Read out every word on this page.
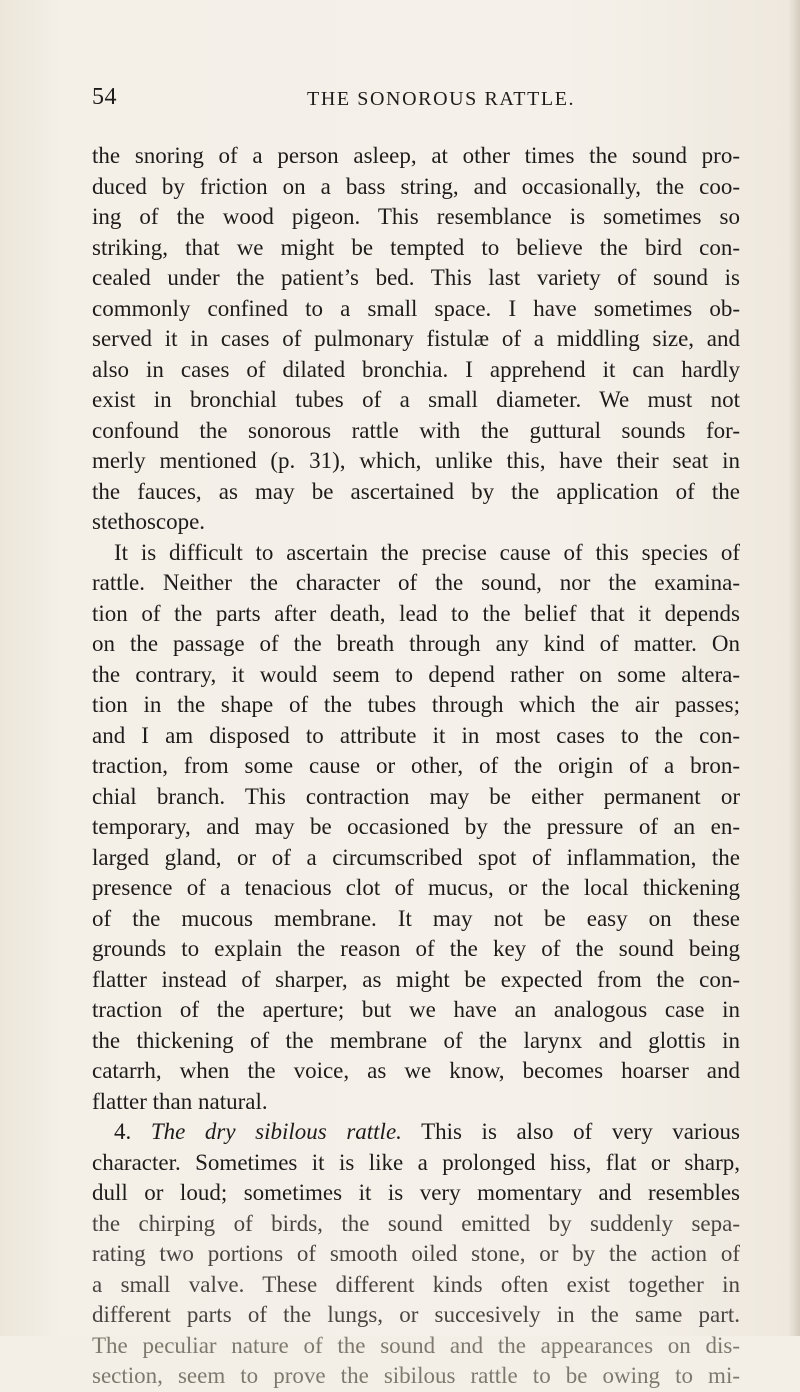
54	THE SONOROUS RATTLE.
the snoring of a person asleep, at other times the sound pro-
duced by friction on a bass string, and occasionally, the coo-
ing of the wood pigeon. This resemblance is sometimes so
striking, that we might be tempted to believe the bird con-
cealed under the patient’s bed. This last variety of sound is
commonly confined to a small space. I have sometimes ob-
served it in cases of pulmonary fistulæ of a middling size, and
also in cases of dilated bronchia. I apprehend it can hardly
exist in bronchial tubes of a small diameter. We must not
confound the sonorous rattle with the guttural sounds for-
merly mentioned (p. 31), which, unlike this, have their seat in
the fauces, as may be ascertained by the application of the
stethoscope.
It is difficult to ascertain the precise cause of this species of
rattle. Neither the character of the sound, nor the examina-
tion of the parts after death, lead to the belief that it depends
on the passage of the breath through any kind of matter. On
the contrary, it would seem to depend rather on some altera-
tion in the shape of the tubes through which the air passes;
and I am disposed to attribute it in most cases to the con-
traction, from some cause or other, of the origin of a bron-
chial branch. This contraction may be either permanent or
temporary, and may be occasioned by the pressure of an en-
larged gland, or of a circumscribed spot of inflammation, the
presence of a tenacious clot of mucus, or the local thickening
of the mucous membrane. It may not be easy on these
grounds to explain the reason of the key of the sound being
flatter instead of sharper, as might be expected from the con-
traction of the aperture; but we have an analogous case in
the thickening of the membrane of the larynx and glottis in
catarrh, when the voice, as we know, becomes hoarser and
flatter than natural.
4. The dry sibilous rattle. This is also of very various
character. Sometimes it is like a prolonged hiss, flat or sharp,
dull or loud; sometimes it is very momentary and resembles
the chirping of birds, the sound emitted by suddenly sepa-
rating two portions of smooth oiled stone, or by the action of
a small valve. These different kinds often exist together in
different parts of the lungs, or succesively in the same part.
The peculiar nature of the sound and the appearances on dis-
section, seem to prove the sibilous rattle to be owing to mi-
